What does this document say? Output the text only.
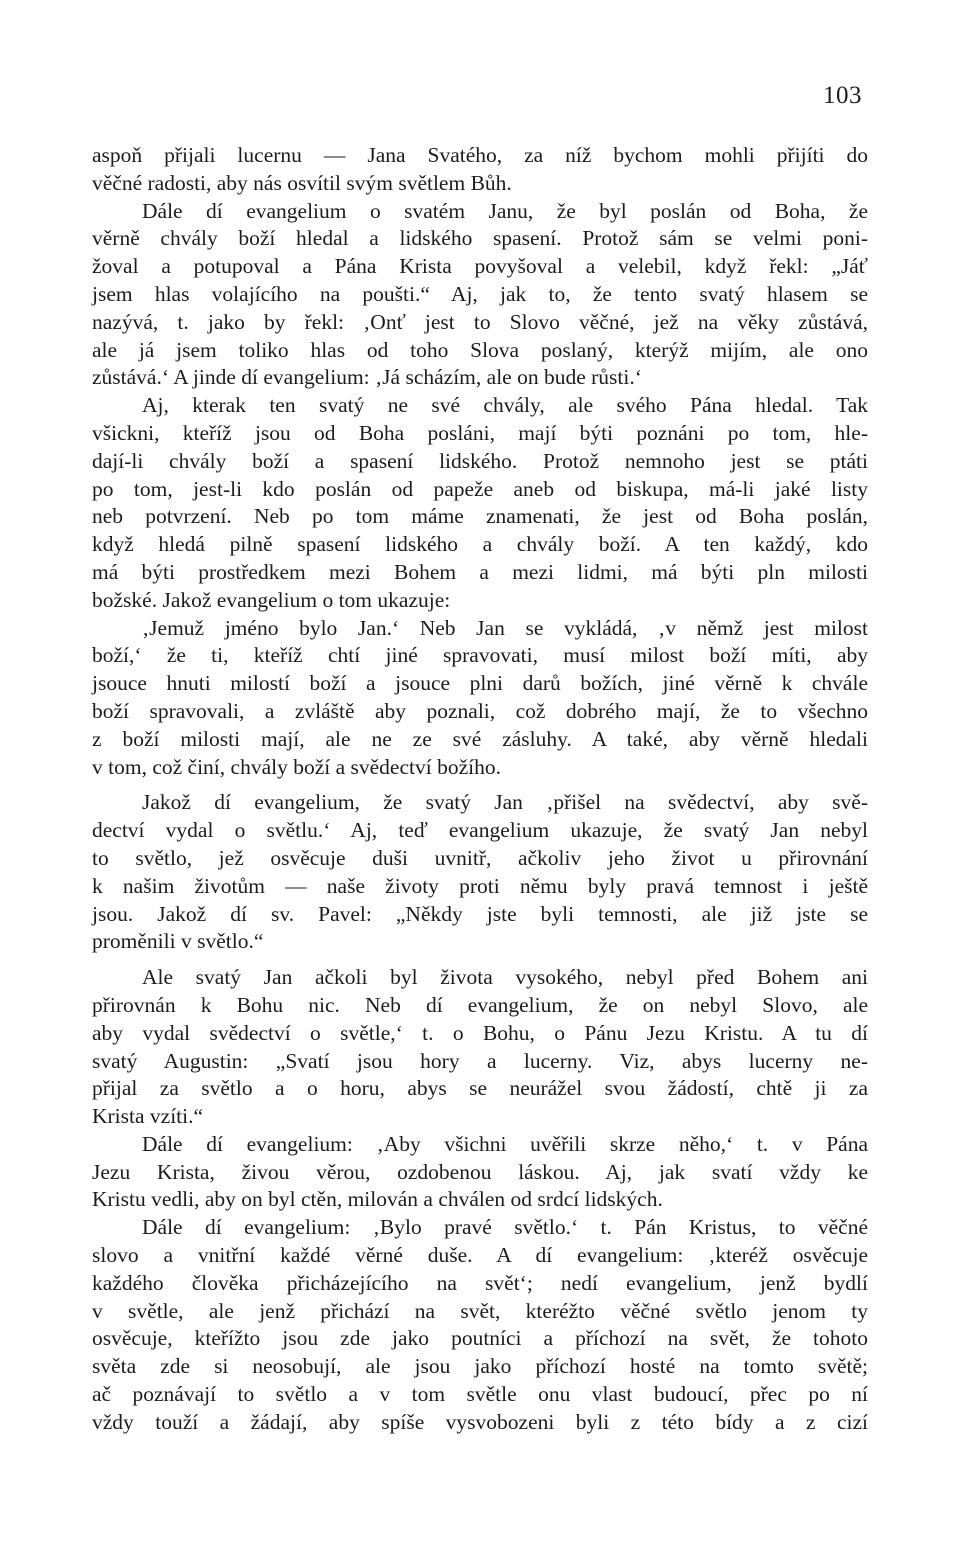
103
aspoň přijali lucernu — Jana Svatého, za níž bychom mohli přijíti do
věčné radosti, aby nás osvítil svým světlem Bůh.
Dále dí evangelium o svatém Janu, že byl poslán od Boha, že
věrně chvály boží hledal a lidského spasení. Protož sám se velmi poni-
žoval a potupoval a Pána Krista povyšoval a velebil, když řekl: „Jáť
jsem hlas volajícího na poušti.“ Aj, jak to, že tento svatý hlasem se
nazývá, t. jako by řekl: ‚Onť jest to Slovo věčné, jež na věky zůstává,
ale já jsem toliko hlas od toho Slova poslaný, kterýž mijím, ale ono
zůstává.‘ A jinde dí evangelium: ‚Já scházím, ale on bude růsti.‘
Aj, kterak ten svatý ne své chvály, ale svého Pána hledal. Tak
všickni, kteříž jsou od Boha posláni, mají býti poznáni po tom, hle-
dají-li chvály boží a spasení lidského. Protož nemnoho jest se ptáti
po tom, jest-li kdo poslán od papeže aneb od biskupa, má-li jaké listy
neb potvrzení. Neb po tom máme znamenati, že jest od Boha poslán,
když hledá pilně spasení lidského a chvály boží. A ten každý, kdo
má býti prostředkem mezi Bohem a mezi lidmi, má býti pln milosti
božské. Jakož evangelium o tom ukazuje:
‚Jemuž jméno bylo Jan.‘ Neb Jan se vykládá, ‚v němž jest milost
boží,‘ že ti, kteříž chtí jiné spravovati, musí milost boží míti, aby
jsouce hnuti milostí boží a jsouce plni darů božích, jiné věrně k chvále
boží spravovali, a zvláště aby poznali, což dobrého mají, že to všechno
z boží milosti mají, ale ne ze své zásluhy. A také, aby věrně hledali
v tom, což činí, chvály boží a svědectví božího.
Jakož dí evangelium, že svatý Jan ‚přišel na svědectví, aby svě-
dectví vydal o světlu.‘ Aj, teď evangelium ukazuje, že svatý Jan nebyl
to světlo, jež osvěcuje duši uvnitř, ačkoliv jeho život u přirovnání
k našim životům — naše životy proti němu byly pravá temnost i ještě
jsou. Jakož dí sv. Pavel: „Někdy jste byli temnosti, ale již jste se
proměnili v světlo.“
Ale svatý Jan ačkoli byl života vysokého, nebyl před Bohem ani
přirovnán k Bohu nic. Neb dí evangelium, že on nebyl Slovo, ale
aby vydal svědectví o světle,‘ t. o Bohu, o Pánu Jezu Kristu. A tu dí
svatý Augustin: „Svatí jsou hory a lucerny. Viz, abys lucerny ne-
přijal za světlo a o horu, abys se neurážel svou žádostí, chtě ji za
Krista vzíti.“
Dále dí evangelium: ‚Aby všichni uvěřili skrze něho,‘ t. v Pána
Jezu Krista, živou věrou, ozdobenou láskou. Aj, jak svatí vždy ke
Kristu vedli, aby on byl ctěn, milován a chválen od srdcí lidských.
Dále dí evangelium: ‚Bylo pravé světlo.‘ t. Pán Kristus, to věčné
slovo a vnitřní každé věrné duše. A dí evangelium: ‚kteréž osvěcuje
každého člověka přicházejícího na svět‘; nedí evangelium, jenž bydlí
v světle, ale jenž přichází na svět, kteréžto věčné světlo jenom ty
osvěcuje, kteřížto jsou zde jako poutníci a příchozí na svět, že tohoto
světa zde si neosobují, ale jsou jako příchozí hosté na tomto světě;
ač poznávají to světlo a v tom světle onu vlast budoucí, přec po ní
vždy touží a žádají, aby spíše vysvobozeni byli z této bídy a z cizí
